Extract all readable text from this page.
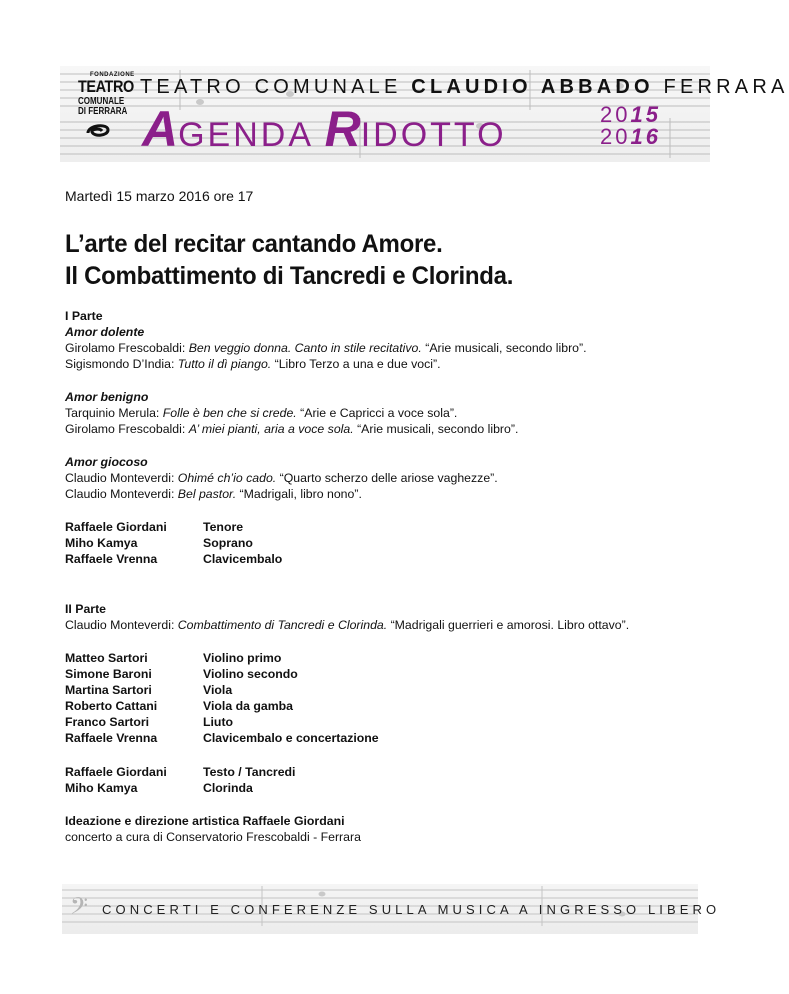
FONDAZIONE
TEATRO
COMUNALE
DI FERRARA
TEATRO COMUNALE CLAUDIO ABBADO FERRARA
AGENDA RIDOTTO
2015
2016
Martedì 15 marzo 2016 ore 17
L’arte del recitar cantando Amore.
Il Combattimento di Tancredi e Clorinda.
I Parte
Amor dolente
Girolamo Frescobaldi: Ben veggio donna. Canto in stile recitativo. “Arie musicali, secondo libro”.
Sigismondo D’India: Tutto il dì piango. “Libro Terzo a una e due voci”.
Amor benigno
Tarquinio Merula: Folle è ben che si crede. “Arie e Capricci a voce sola”.
Girolamo Frescobaldi: A’ miei pianti, aria a voce sola. “Arie musicali, secondo libro”.
Amor giocoso
Claudio Monteverdi: Ohimé ch’io cado. “Quarto scherzo delle ariose vaghezze”.
Claudio Monteverdi: Bel pastor. “Madrigali, libro nono”.
Raffaele Giordani	Tenore
Miho Kamya	Soprano
Raffaele Vrenna	Clavicembalo
II Parte
Claudio Monteverdi: Combattimento di Tancredi e Clorinda. “Madrigali guerrieri e amorosi. Libro ottavo”.
Matteo Sartori	Violino primo
Simone Baroni	Violino secondo
Martina Sartori	Viola
Roberto Cattani	Viola da gamba
Franco Sartori	Liuto
Raffaele Vrenna	Clavicembalo e concertazione
Raffaele Giordani	Testo / Tancredi
Miho Kamya	Clorinda
Ideazione e direzione artistica Raffaele Giordani
concerto a cura di Conservatorio Frescobaldi - Ferrara
𝄢 CONCERTI E CONFERENZE SULLA MUSICA A INGRESSO LIBERO
